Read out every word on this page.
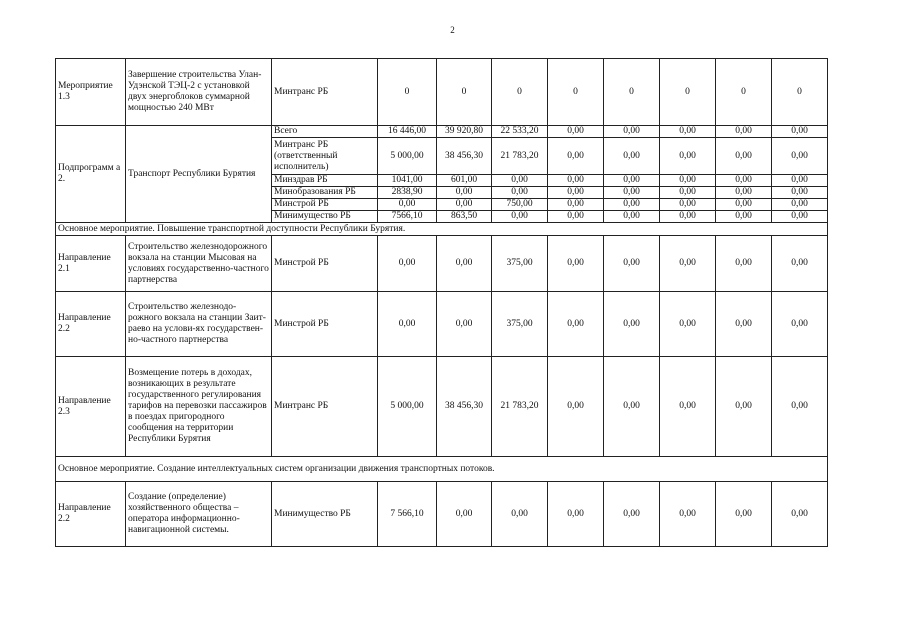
2
Мероприятие 1.3	Завершение строительства Улан-Удэнской ТЭЦ-2 с установкой двух энергоблоков суммарной мощностью 240 МВт	Минтранс РБ	0	0	0	0	0	0	0	0
Подпрограмм а 2.	Транспорт Республики Бурятия	Всего	16 446,00	39 920,80	22 533,20	0,00	0,00	0,00	0,00	0,00
		Минтранс РБ (ответственный исполнитель)	5 000,00	38 456,30	21 783,20	0,00	0,00	0,00	0,00	0,00
		Минздрав РБ	1041,00	601,00	0,00	0,00	0,00	0,00	0,00	0,00
		Минобразования РБ	2838,90	0,00	0,00	0,00	0,00	0,00	0,00	0,00
		Минстрой РБ	0,00	0,00	750,00	0,00	0,00	0,00	0,00	0,00
		Минимущество РБ	7566,10	863,50	0,00	0,00	0,00	0,00	0,00	0,00
Основное мероприятие. Повышение транспортной доступности Республики Бурятия.										
Направление 2.1	Строительство железнодорожного вокзала на станции Мысовая на условиях государственно-частного партнерства	Минстрой РБ	0,00	0,00	375,00	0,00	0,00	0,00	0,00	0,00
Направление 2.2	Строительство железнодо-рожного вокзала на станции Заит-раево на услови-ях государствен-но-частного партнерства	Минстрой РБ	0,00	0,00	375,00	0,00	0,00	0,00	0,00	0,00
Направление 2.3	Возмещение потерь в доходах, возникающих в результате государственного регулирования тарифов на перевозки пассажиров в поездах пригородного сообщения на территории Республики Бурятия	Минтранс РБ	5 000,00	38 456,30	21 783,20	0,00	0,00	0,00	0,00	0,00
Основное мероприятие. Создание интеллектуальных систем организации движения транспортных потоков.										
Направление 2.2	Создание (определение) хозяйственного общества – оператора информационно-навигационной системы.	Минимущество РБ	7 566,10	0,00	0,00	0,00	0,00	0,00	0,00	0,00
